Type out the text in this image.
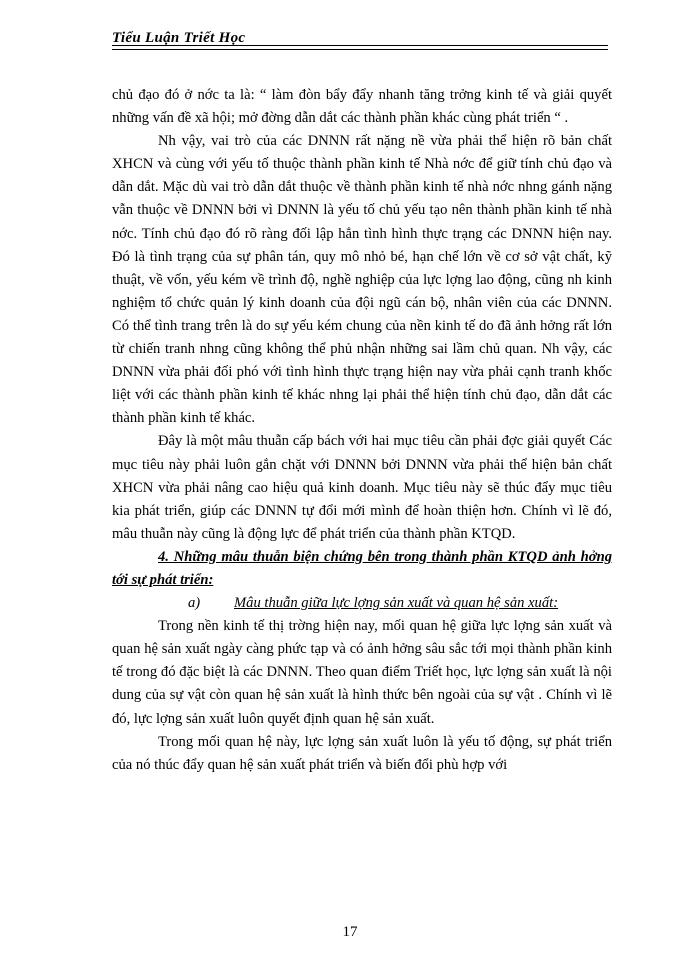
Tiểu Luận Triết Học

chủ đạo đó ở nớc ta là: “ làm đòn bẩy đẩy nhanh tăng trởng kinh tế và giải quyết những vấn đề xã hội; mở đờng dẫn dắt các thành phần khác cùng phát triển “ .

Nh vậy, vai trò của các DNNN rất nặng nề vừa phải thể hiện rõ bản chất XHCN và cùng với yếu tố thuộc thành phần kinh tế Nhà nớc để giữ tính chủ đạo và dẫn dắt. Mặc dù vai trò dẫn dắt thuộc về thành phần kinh tế nhà nớc nhng gánh nặng vẫn thuộc về DNNN bởi vì DNNN là yếu tố chủ yếu tạo nên thành phần kinh tế nhà nớc. Tính chủ đạo đó rõ ràng đối lập hẳn tình hình thực trạng các DNNN hiện nay. Đó là tình trạng của sự phân tán, quy mô nhỏ bé, hạn chế lớn về cơ sở vật chất, kỹ thuật, về vốn, yếu kém về trình độ, nghề nghiệp của lực lợng lao động, cũng nh kinh nghiệm tổ chức quản lý kinh doanh của đội ngũ cán bộ, nhân viên của các DNNN. Có thể tình trang trên là do sự yếu kém chung của nền kinh tế do đã ảnh hởng rất lớn từ chiến tranh nhng cũng không thể phủ nhận những sai lầm chủ quan. Nh vậy, các DNNN vừa phải đối phó với tình hình thực trạng hiện nay vừa phải cạnh tranh khốc liệt với các thành phần kinh tế khác nhng lại phải thể hiện tính chủ đạo, dẫn dắt các thành phần kinh tế khác.

Đây là một mâu thuẫn cấp bách với hai mục tiêu cần phải đợc giải quyết Các mục tiêu này phải luôn gắn chặt với DNNN bởi DNNN vừa phải thể hiện bản chất XHCN vừa phải nâng cao hiệu quả kinh doanh. Mục tiêu này sẽ thúc đẩy mục tiêu kia phát triển, giúp các DNNN tự đổi mới mình để hoàn thiện hơn. Chính vì lẽ đó, mâu thuẫn này cũng là động lực để phát triển của thành phần KTQD.

4. Những mâu thuẫn biện chứng bên trong thành phần KTQD ảnh hởng tới sự phát triển:

a) Mâu thuẫn giữa lực lợng sản xuất và quan hệ sản xuất:

Trong nền kinh tế thị trờng hiện nay, mối quan hệ giữa lực lợng sản xuất và quan hệ sản xuất ngày càng phức tạp và có ảnh hởng sâu sắc tới mọi thành phần kinh tế trong đó đặc biệt là các DNNN. Theo quan điểm Triết học, lực lợng sản xuất là nội dung của sự vật còn quan hệ sản xuất là hình thức bên ngoài của sự vật . Chính vì lẽ đó, lực lợng sản xuất luôn quyết định quan hệ sản xuất.

Trong mối quan hệ này, lực lợng sản xuất luôn là yếu tố động, sự phát triển của nó thúc đẩy quan hệ sản xuất phát triển và biến đổi phù hợp với

17
